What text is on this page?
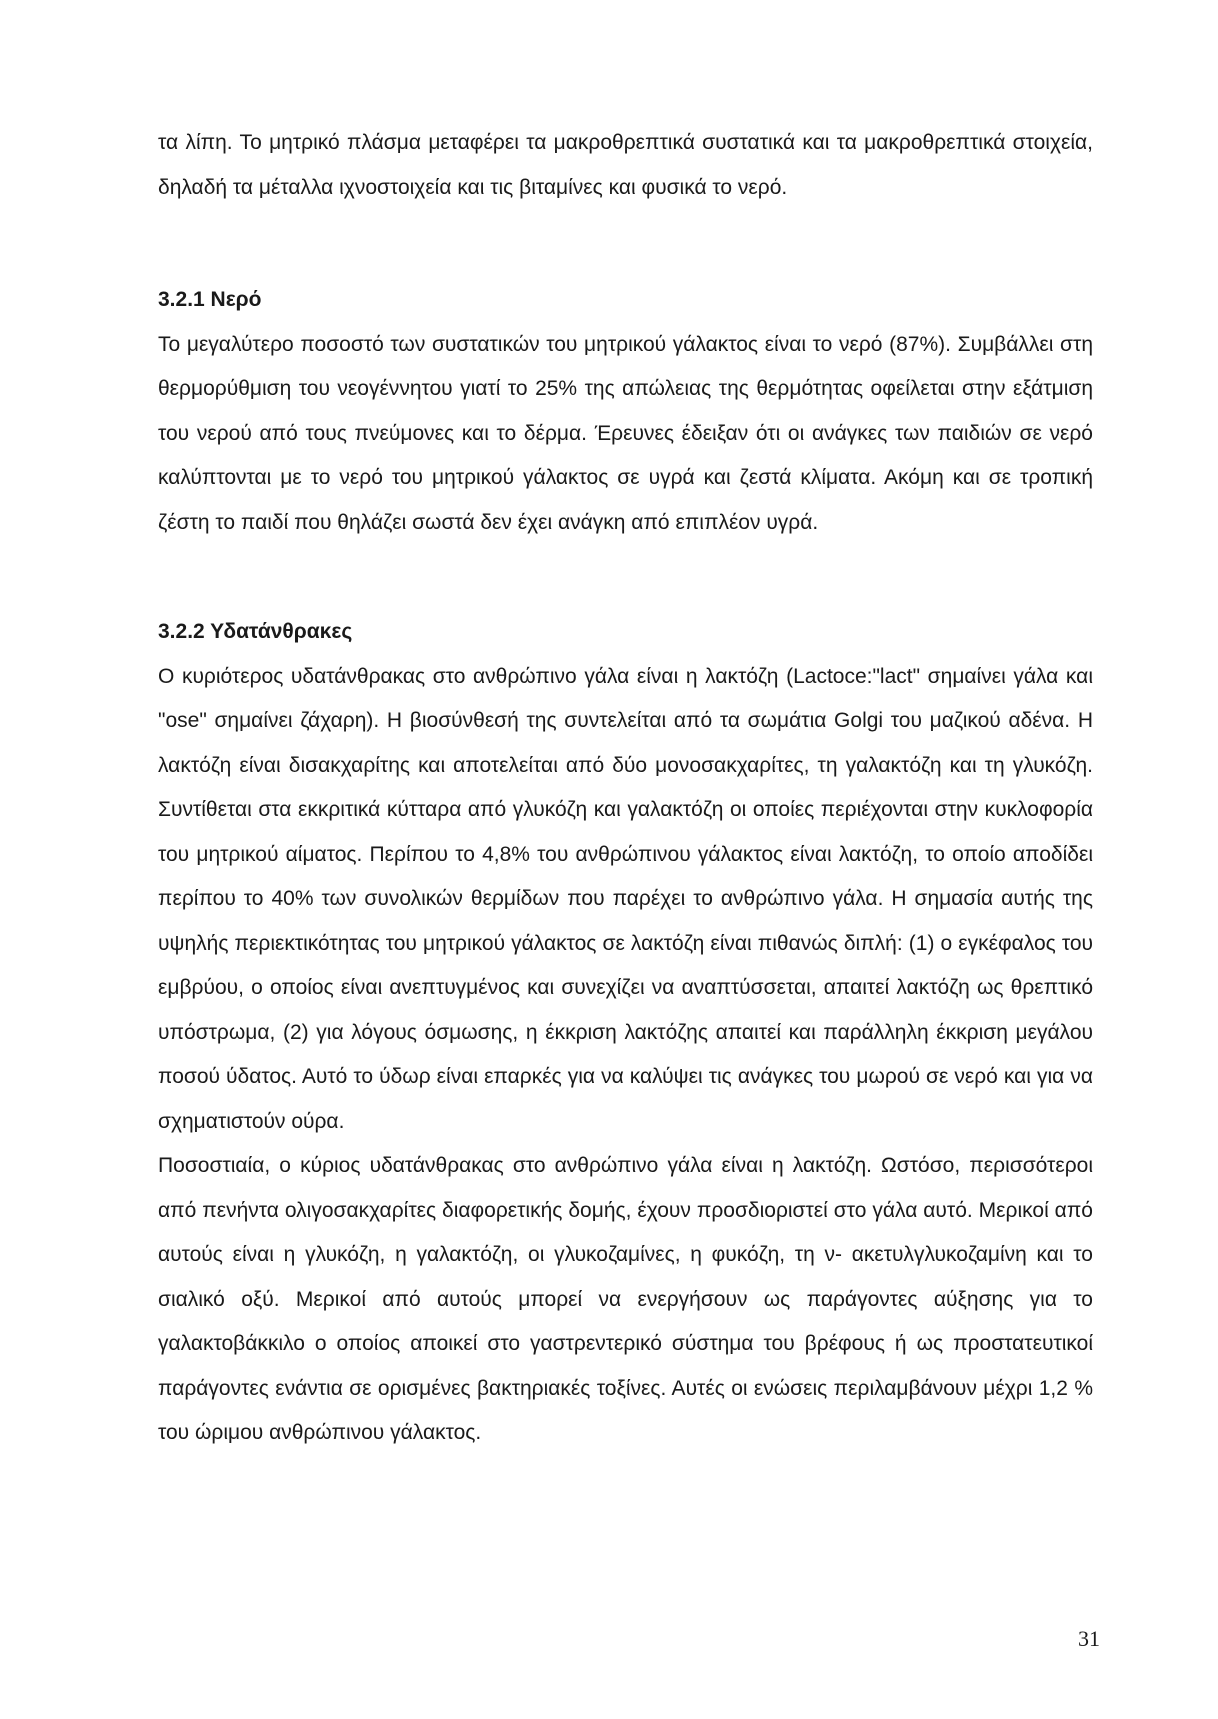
τα λίπη. Το μητρικό πλάσμα μεταφέρει τα μακροθρεπτικά συστατικά και τα μακροθρεπτικά στοιχεία, δηλαδή τα μέταλλα ιχνοστοιχεία και τις βιταμίνες και φυσικά το νερό.

3.2.1 Νερό

Το μεγαλύτερο ποσοστό των συστατικών του μητρικού γάλακτος είναι το νερό (87%). Συμβάλλει στη θερμορύθμιση του νεογέννητου γιατί το 25% της απώλειας της θερμότητας οφείλεται στην εξάτμιση του νερού από τους πνεύμονες και το δέρμα. Έρευνες έδειξαν ότι οι ανάγκες των παιδιών σε νερό καλύπτονται με το νερό του μητρικού γάλακτος σε υγρά και ζεστά κλίματα. Ακόμη και σε τροπική ζέστη το παιδί που θηλάζει σωστά δεν έχει ανάγκη από επιπλέον υγρά.

3.2.2 Υδατάνθρακες

Ο κυριότερος υδατάνθρακας στο ανθρώπινο γάλα είναι η λακτόζη (Lactoce:"lact" σημαίνει γάλα και "ose" σημαίνει ζάχαρη). Η βιοσύνθεσή της συντελείται από τα σωμάτια Golgi του μαζικού αδένα. Η λακτόζη είναι δισακχαρίτης και αποτελείται από δύο μονοσακχαρίτες, τη γαλακτόζη και τη γλυκόζη. Συντίθεται στα εκκριτικά κύτταρα από γλυκόζη και γαλακτόζη οι οποίες περιέχονται στην κυκλοφορία του μητρικού αίματος. Περίπου το 4,8% του ανθρώπινου γάλακτος είναι λακτόζη, το οποίο αποδίδει περίπου το 40% των συνολικών θερμίδων που παρέχει το ανθρώπινο γάλα. Η σημασία αυτής της υψηλής περιεκτικότητας του μητρικού γάλακτος σε λακτόζη είναι πιθανώς διπλή: (1) ο εγκέφαλος του εμβρύου, ο οποίος είναι ανεπτυγμένος και συνεχίζει να αναπτύσσεται, απαιτεί λακτόζη ως θρεπτικό υπόστρωμα, (2) για λόγους όσμωσης, η έκκριση λακτόζης απαιτεί και παράλληλη έκκριση μεγάλου ποσού ύδατος. Αυτό το ύδωρ είναι επαρκές για να καλύψει τις ανάγκες του μωρού σε νερό και για να σχηματιστούν ούρα.

Ποσοστιαία, ο κύριος υδατάνθρακας στο ανθρώπινο γάλα είναι η λακτόζη. Ωστόσο, περισσότεροι από πενήντα ολιγοσακχαρίτες διαφορετικής δομής, έχουν προσδιοριστεί στο γάλα αυτό. Μερικοί από αυτούς είναι η γλυκόζη, η γαλακτόζη, οι γλυκοζαμίνες, η φυκόζη, τη ν- ακετυλγλυκοζαμίνη και το σιαλικό οξύ. Μερικοί από αυτούς μπορεί να ενεργήσουν ως παράγοντες αύξησης για το γαλακτοβάκκιλο ο οποίος αποικεί στο γαστρεντερικό σύστημα του βρέφους ή ως προστατευτικοί παράγοντες ενάντια σε ορισμένες βακτηριακές τοξίνες. Αυτές οι ενώσεις περιλαμβάνουν μέχρι 1,2 % του ώριμου ανθρώπινου γάλακτος.

31
